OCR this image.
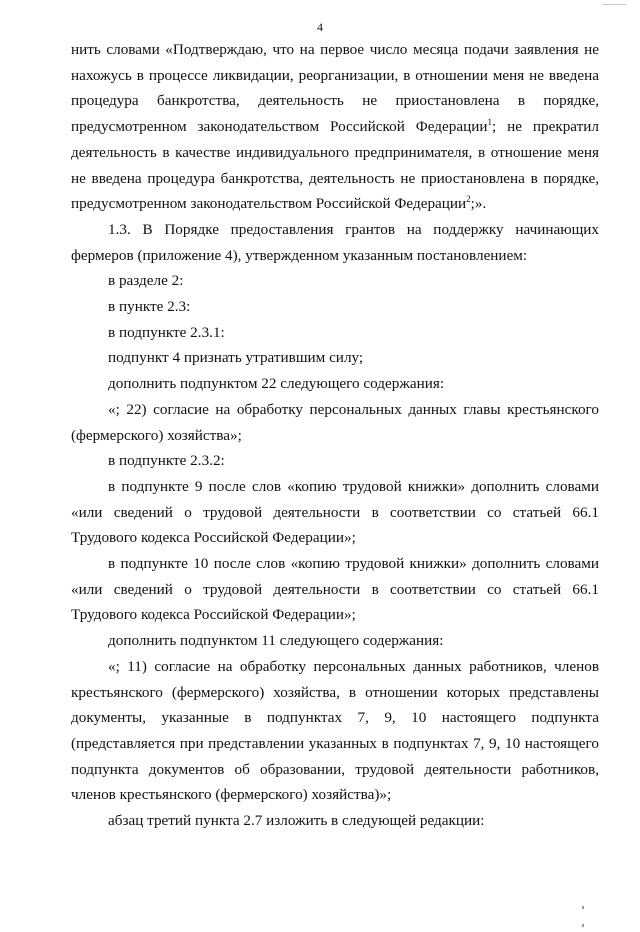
4

нить словами «Подтверждаю, что на первое число месяца подачи заявления не нахожусь в процессе ликвидации, реорганизации, в отношении меня не введена процедура банкротства, деятельность не приостановлена в порядке, предусмотренном законодательством Российской Федерации$^1$; не прекратил деятельность в качестве индивидуального предпринимателя, в отношение меня не введена процедура банкротства, деятельность не приостановлена в порядке, предусмотренном законодательством Российской Федерации$^2$;».

1.3. В Порядке предоставления грантов на поддержку начинающих фермеров (приложение 4), утвержденном указанным постановлением:

в разделе 2:

в пункте 2.3:

в подпункте 2.3.1:

подпункт 4 признать утратившим силу;

дополнить подпунктом 22 следующего содержания:

«; 22) согласие на обработку персональных данных главы крестьянского (фермерского) хозяйства»;

в подпункте 2.3.2:

в подпункте 9 после слов «копию трудовой книжки» дополнить словами «или сведений о трудовой деятельности в соответствии со статьей 66.1 Трудового кодекса Российской Федерации»;

в подпункте 10 после слов «копию трудовой книжки» дополнить словами «или сведений о трудовой деятельности в соответствии со статьей 66.1 Трудового кодекса Российской Федерации»;

дополнить подпунктом 11 следующего содержания:

«; 11) согласие на обработку персональных данных работников, членов крестьянского (фермерского) хозяйства, в отношении которых представлены документы, указанные в подпунктах 7, 9, 10 настоящего подпункта (представляется при представлении указанных в подпунктах 7, 9, 10 настоящего подпункта документов об образовании, трудовой деятельности работников, членов крестьянского (фермерского) хозяйства)»;

абзац третий пункта 2.7 изложить в следующей редакции:
